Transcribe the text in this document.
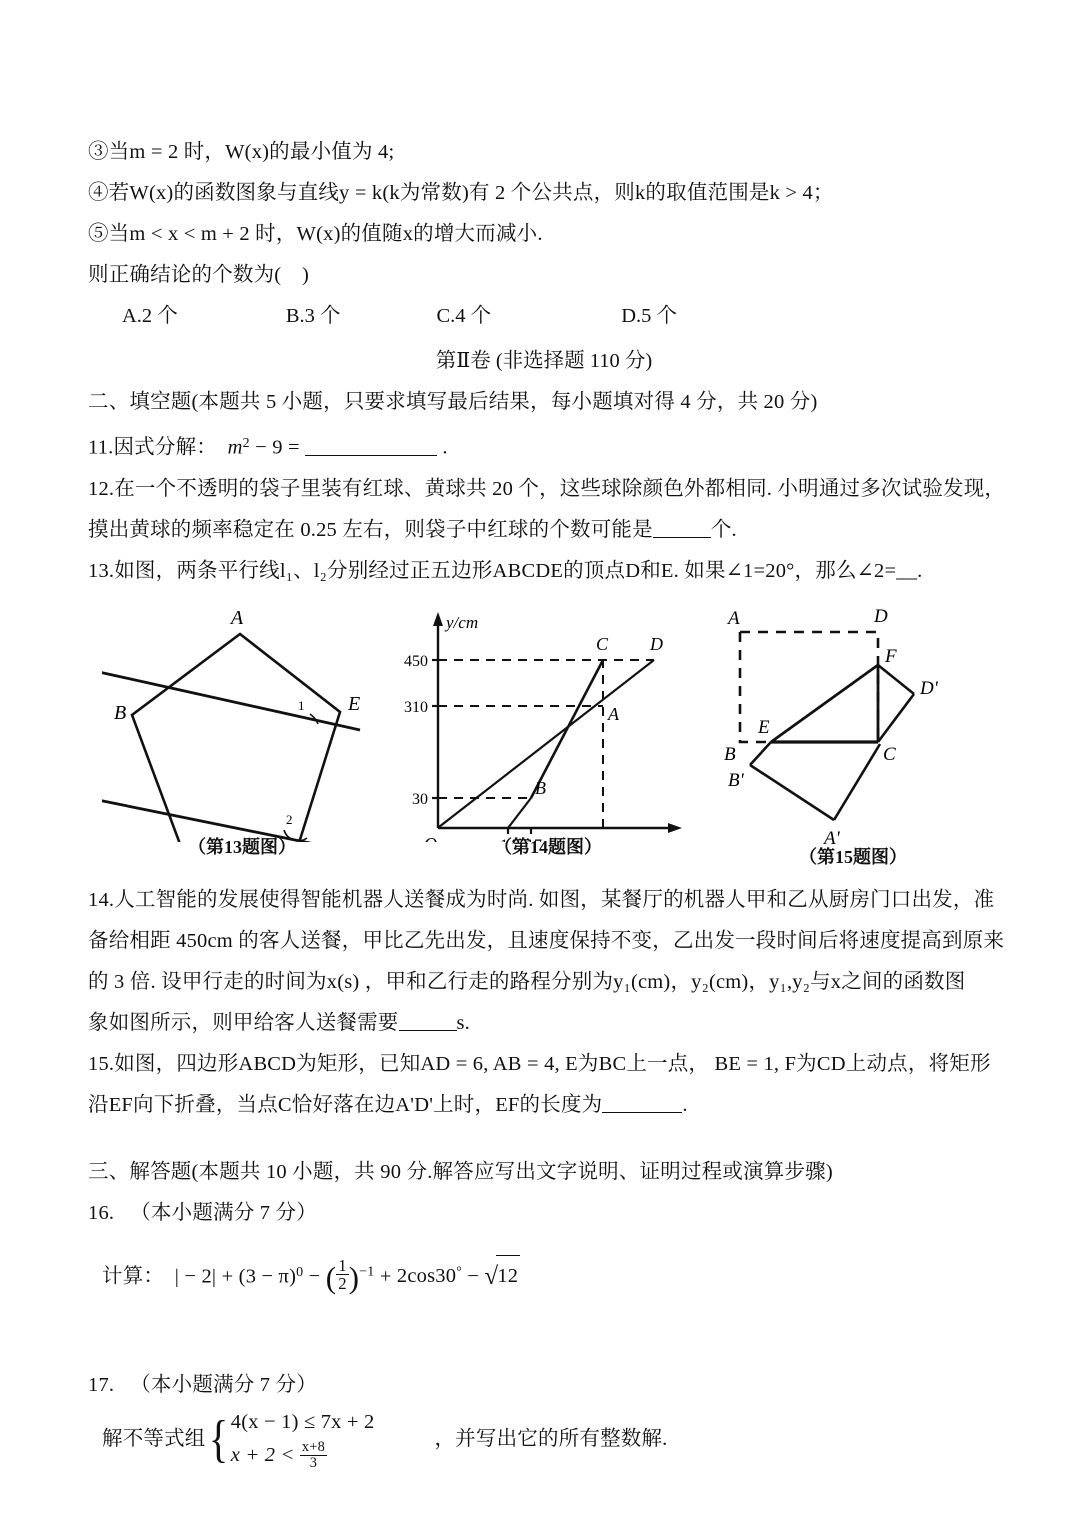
③当m = 2 时，W(x)的最小值为 4;
④若W(x)的函数图象与直线y = k(k为常数)有 2 个公共点，则k的取值范围是k > 4；
⑤当m < x < m + 2 时，W(x)的值随x的增大而减小.
则正确结论的个数为(　)
A.2 个	B.3 个	C.4 个	D.5 个
第Ⅱ卷 (非选择题 110 分)
二、填空题(本题共 5 小题，只要求填写最后结果，每小题填对得 4 分，共 20 分)
11.因式分解： $m^2 - 9$ =	.
12.在一个不透明的袋子里装有红球、黄球共 20 个，这些球除颜色外都相同. 小明通过多次试验发现，
摸出黄球的频率稳定在 0.25 左右，则袋子中红球的个数可能是	个.
13.如图，两条平行线l₁、l₂分别经过正五边形ABCDE的顶点D和E. 如果∠1=20°，那么∠2=__.
A
B	E
1
2
（第13题图）
450
310
30
y/cm
A
B
C D
（第14题图）
A	D
B	C
E
F
A'
B'
D'
（第15题图）
14.人工智能的发展使得智能机器人送餐成为时尚. 如图，某餐厅的机器人甲和乙从厨房门口出发，准
备给相距 450cm 的客人送餐，甲比乙先出发，且速度保持不变，乙出发一段时间后将速度提高到原来
的 3 倍. 设甲行走的时间为x(s) ，甲和乙行走的路程分别为y₁(cm)，y₂(cm)，y₁,y₂与x之间的函数图
象如图所示，则甲给客人送餐需要	s.
15.如图，四边形ABCD为矩形，已知AD = 6, AB = 4, E为BC上一点， BE = 1, F为CD上动点，将矩形
沿EF向下折叠，当点C恰好落在边A'D'上时，EF的长度为	.
三、解答题(本题共 10 小题，共 90 分.解答应写出文字说明、证明过程或演算步骤)
16. （本小题满分 7 分）
计算： | − $2| + (3 - \pi)^0$ − ( $\frac{1}{2} )^{-1} + 2\cos 30^\circ - √12$
17. （本小题满分 7 分）
解不等式组{ 4(x − 1) ≤ 7x + 2
$x + 2 < \frac{x+8}{3}$
，并写出它的所有整数解.
